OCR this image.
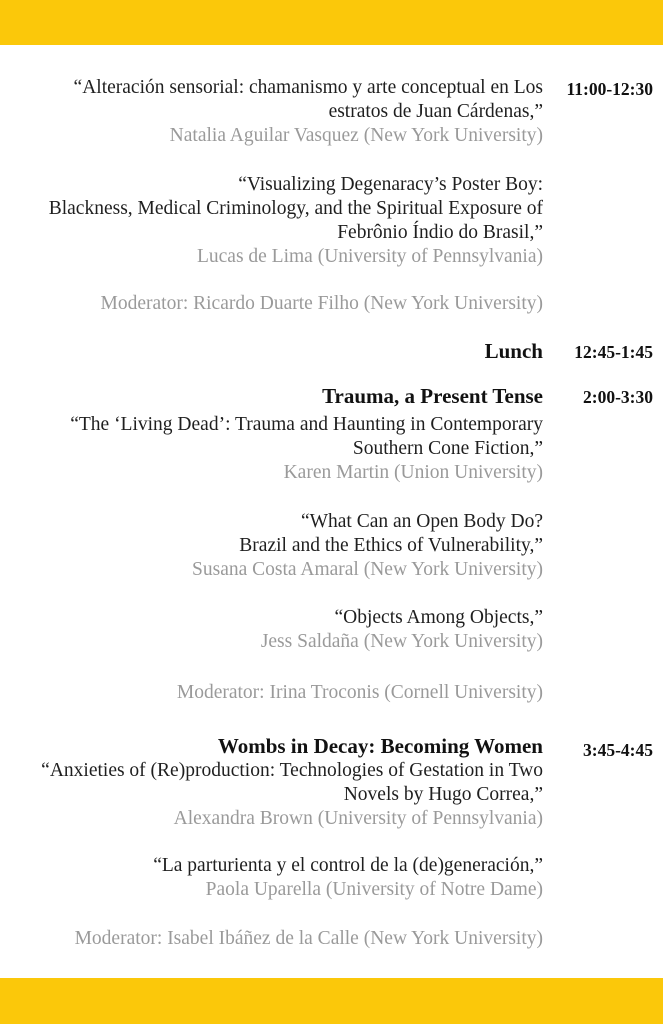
11:00-12:30
“Alteración sensorial: chamanismo y arte conceptual en Los
estratos de Juan Cárdenas,”
Natalia Aguilar Vasquez (New York University)
“Visualizing Degenaracy’s Poster Boy:
Blackness, Medical Criminology, and the Spiritual Exposure of
Febrônio Índio do Brasil,”
Lucas de Lima (University of Pennsylvania)
Moderator: Ricardo Duarte Filho (New York University)
Lunch 12:45-1:45
Trauma, a Present Tense 2:00-3:30
“The ‘Living Dead’: Trauma and Haunting in Contemporary
Southern Cone Fiction,”
Karen Martin (Union University)
“What Can an Open Body Do?
Brazil and the Ethics of Vulnerability,”
Susana Costa Amaral (New York University)
“Objects Among Objects,”
Jess Saldaña (New York University)
Moderator: Irina Troconis (Cornell University)
Wombs in Decay: Becoming Women 3:45-4:45
“Anxieties of (Re)production: Technologies of Gestation in Two
Novels by Hugo Correa,”
Alexandra Brown (University of Pennsylvania)
“La parturienta y el control de la (de)generación,”
Paola Uparella (University of Notre Dame)
Moderator: Isabel Ibáñez de la Calle (New York University)
